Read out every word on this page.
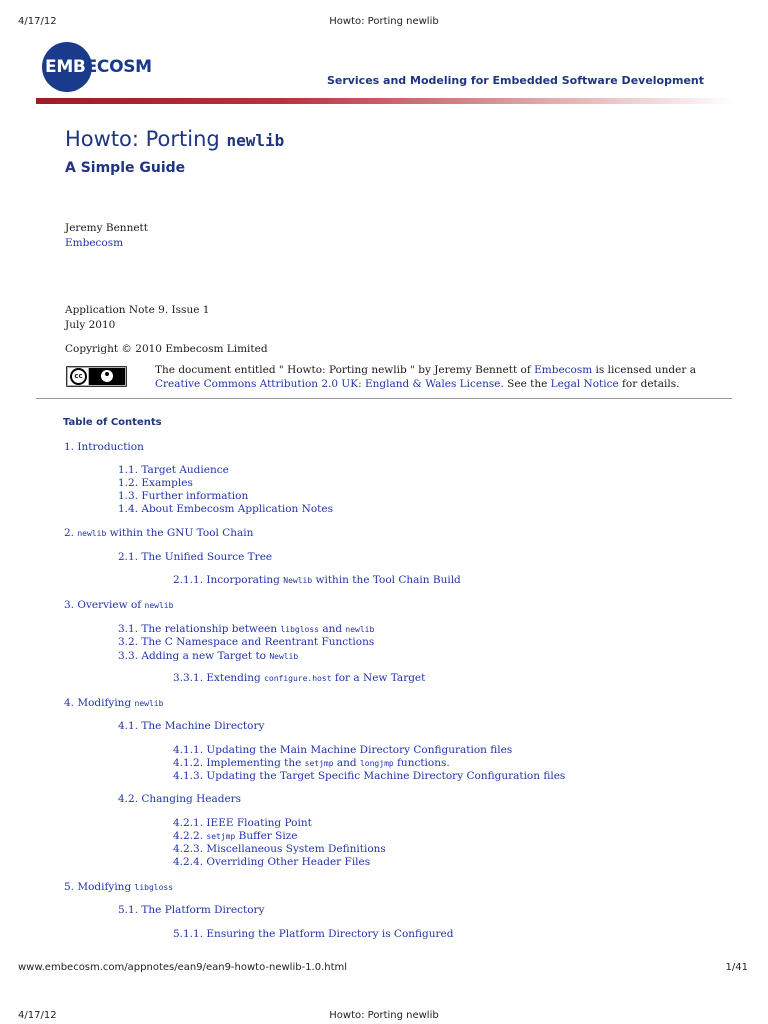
4/17/12	Howto: Porting newlib
EMBECOSM
Services and Modeling for Embedded Software Development
Howto: Porting newlib
A Simple Guide
Jeremy Bennett
Embecosm
Application Note 9. Issue 1
July 2010
Copyright © 2010 Embecosm Limited
cc	The document entitled " Howto: Porting newlib " by Jeremy Bennett of Embecosm is licensed under a Creative Commons Attribution 2.0 UK: England & Wales License. See the Legal Notice for details.
Table of Contents
1. Introduction
1.1. Target Audience
1.2. Examples
1.3. Further information
1.4. About Embecosm Application Notes
2. newlib within the GNU Tool Chain
2.1. The Unified Source Tree
2.1.1. Incorporating Newlib within the Tool Chain Build
3. Overview of newlib
3.1. The relationship between libgloss and newlib
3.2. The C Namespace and Reentrant Functions
3.3. Adding a new Target to Newlib
3.3.1. Extending configure.host for a New Target
4. Modifying newlib
4.1. The Machine Directory
4.1.1. Updating the Main Machine Directory Configuration files
4.1.2. Implementing the setjmp and longjmp functions.
4.1.3. Updating the Target Specific Machine Directory Configuration files
4.2. Changing Headers
4.2.1. IEEE Floating Point
4.2.2. setjmp Buffer Size
4.2.3. Miscellaneous System Definitions
4.2.4. Overriding Other Header Files
5. Modifying libgloss
5.1. The Platform Directory
5.1.1. Ensuring the Platform Directory is Configured
www.embecosm.com/appnotes/ean9/ean9-howto-newlib-1.0.html	1/41
4/17/12	Howto: Porting newlib
